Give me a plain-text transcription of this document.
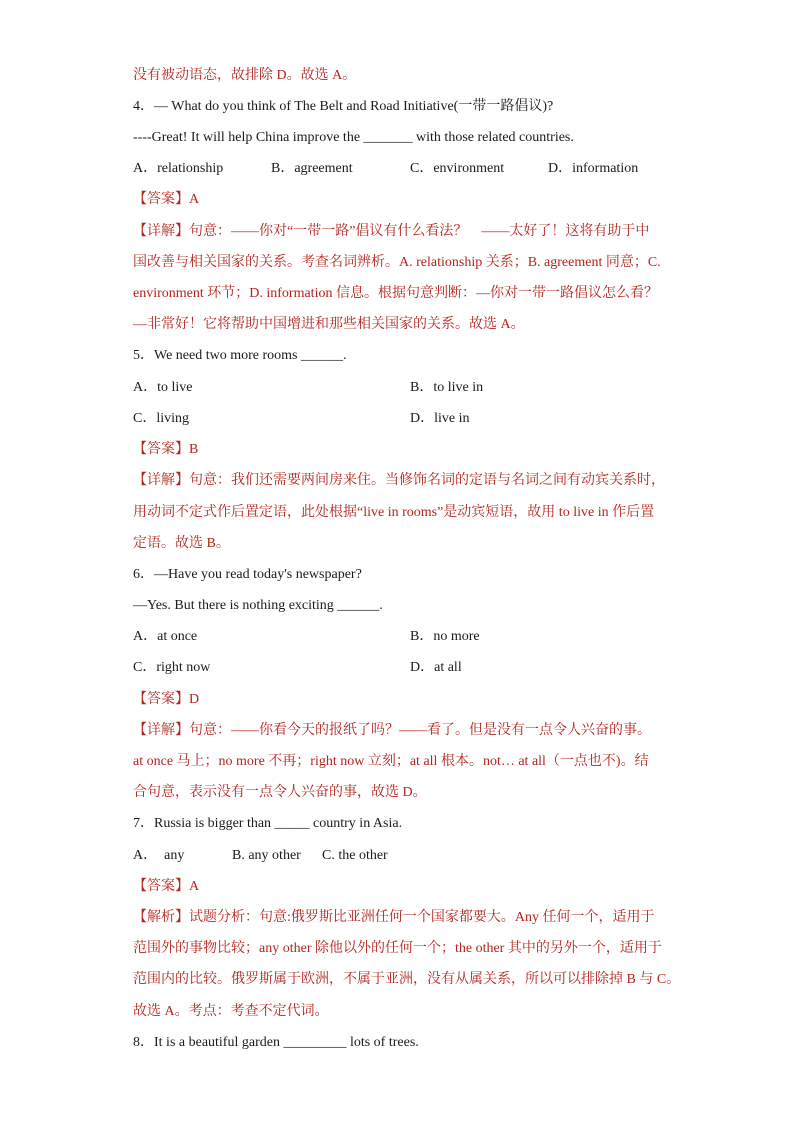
没有被动语态，故排除 D。故选 A。
4．— What do you think of The Belt and Road Initiative(一带一路倡议)?
----Great! It will help China improve the _______ with those related countries.
A．relationship	B．agreement	C．environment	D．information
【答案】A
【详解】句意：——你对“一带一路”倡议有什么看法？　——太好了！这将有助于中
国改善与相关国家的关系。考查名词辨析。A. relationship 关系；B. agreement 同意；C.
environment 环节；D. information 信息。根据句意判断：—你对一带一路倡议怎么看？
—非常好！它将帮助中国增进和那些相关国家的关系。故选 A。
5．We need two more rooms ______.
A．to live	B．to live in
C．living	D．live in
【答案】B
【详解】句意：我们还需要两间房来住。当修饰名词的定语与名词之间有动宾关系时，
用动词不定式作后置定语，此处根据“live in rooms”是动宾短语，故用 to live in 作后置
定语。故选 B。
6．—Have you read today's newspaper?
—Yes. But there is nothing exciting ______.
A．at once	B．no more
C．right now	D．at all
【答案】D
【详解】句意：——你看今天的报纸了吗？——看了。但是没有一点令人兴奋的事。
at once 马上；no more 不再；right now 立刻；at all 根本。not… at all（一点也不)。结
合句意，表示没有一点令人兴奋的事，故选 D。
7．Russia is bigger than _____ country in Asia.
A．　any	B. any other C. the other
【答案】A
【解析】试题分析：句意:俄罗斯比亚洲任何一个国家都要大。Any 任何一个，适用于
范围外的事物比较；any other 除他以外的任何一个；the other 其中的另外一个，适用于
范围内的比较。俄罗斯属于欧洲，不属于亚洲，没有从属关系，所以可以排除掉 B 与 C。
故选 A。考点：考查不定代词。
8．It is a beautiful garden _________ lots of trees.
